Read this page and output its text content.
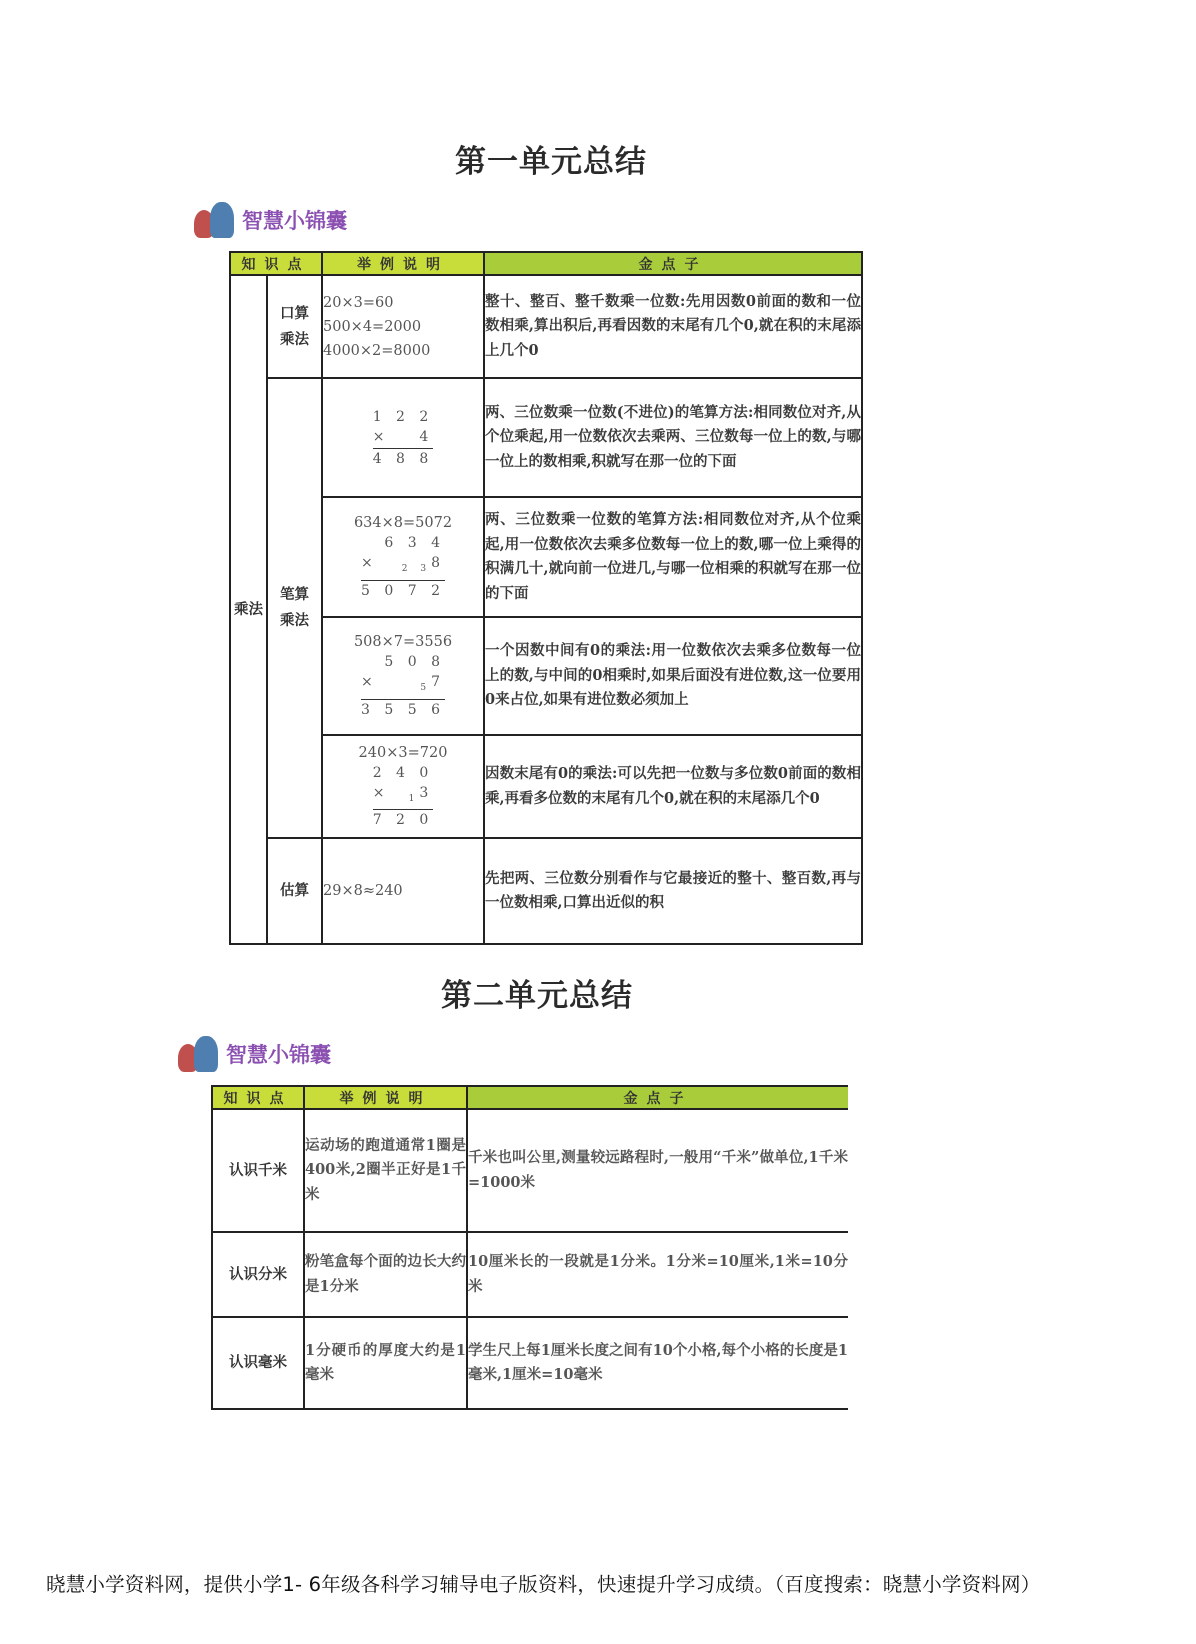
第一单元总结
智慧小锦囊
知识点		举例说明	金点子
乘法	口算乘法	20×3=60
500×4=2000
4000×2=8000	整十、整百、整千数乘一位数:先用因数0前面的数和一位数相乘,算出积后,再看因数的末尾有几个0,就在积的末尾添上几个0
	笔算乘法	1 2 2
× 4
4 8 8	两、三位数乘一位数(不进位)的笔算方法:相同数位对齐,从个位乘起,用一位数依次去乘两、三位数每一位上的数,与哪一位上的数相乘,积就写在那一位的下面

		634×8=5072
6 3 4
× $_{2 3}$8
5 0 7 2	两、三位数乘一位数的笔算方法:相同数位对齐,从个位乘起,用一位数依次去乘多位数每一位上的数,哪一位上乘得的积满几十,就向前一位进几,与哪一位相乘的积就写在那一位的下面

		508×7=3556
5 0 8
× $_5$7
3 5 5 6	一个因数中间有0的乘法:用一位数依次去乘多位数每一位上的数,与中间的0相乘时,如果后面没有进位数,这一位要用0来占位,如果有进位数必须加上

		240×3=720
2 4 0
× $_1$3
7 2 0	因数末尾有0的乘法:可以先把一位数与多位数0前面的数相乘,再看多位数的末尾有几个0,就在积的末尾添几个0
	估算	29×8≈240	先把两、三位数分别看作与它最接近的整十、整百数,再与一位数相乘,口算出近似的积
第二单元总结
智慧小锦囊
知识点	举例说明	金点子
认识千米	运动场的跑道通常1圈是400米,2圈半正好是1千米	千米也叫公里,测量较远路程时,一般用“千米”做单位,1千米=1000米
认识分米	粉笔盒每个面的边长大约是1分米	10厘米长的一段就是1分米。1分米=10厘米,1米=10分米
认识毫米	1分硬币的厚度大约是1毫米	学生尺上每1厘米长度之间有10个小格,每个小格的长度是1毫米,1厘米=10毫米
晓慧小学资料网，提供小学1- 6年级各科学习辅导电子版资料，快速提升学习成绩。（百度搜索：晓慧小学资料网）
